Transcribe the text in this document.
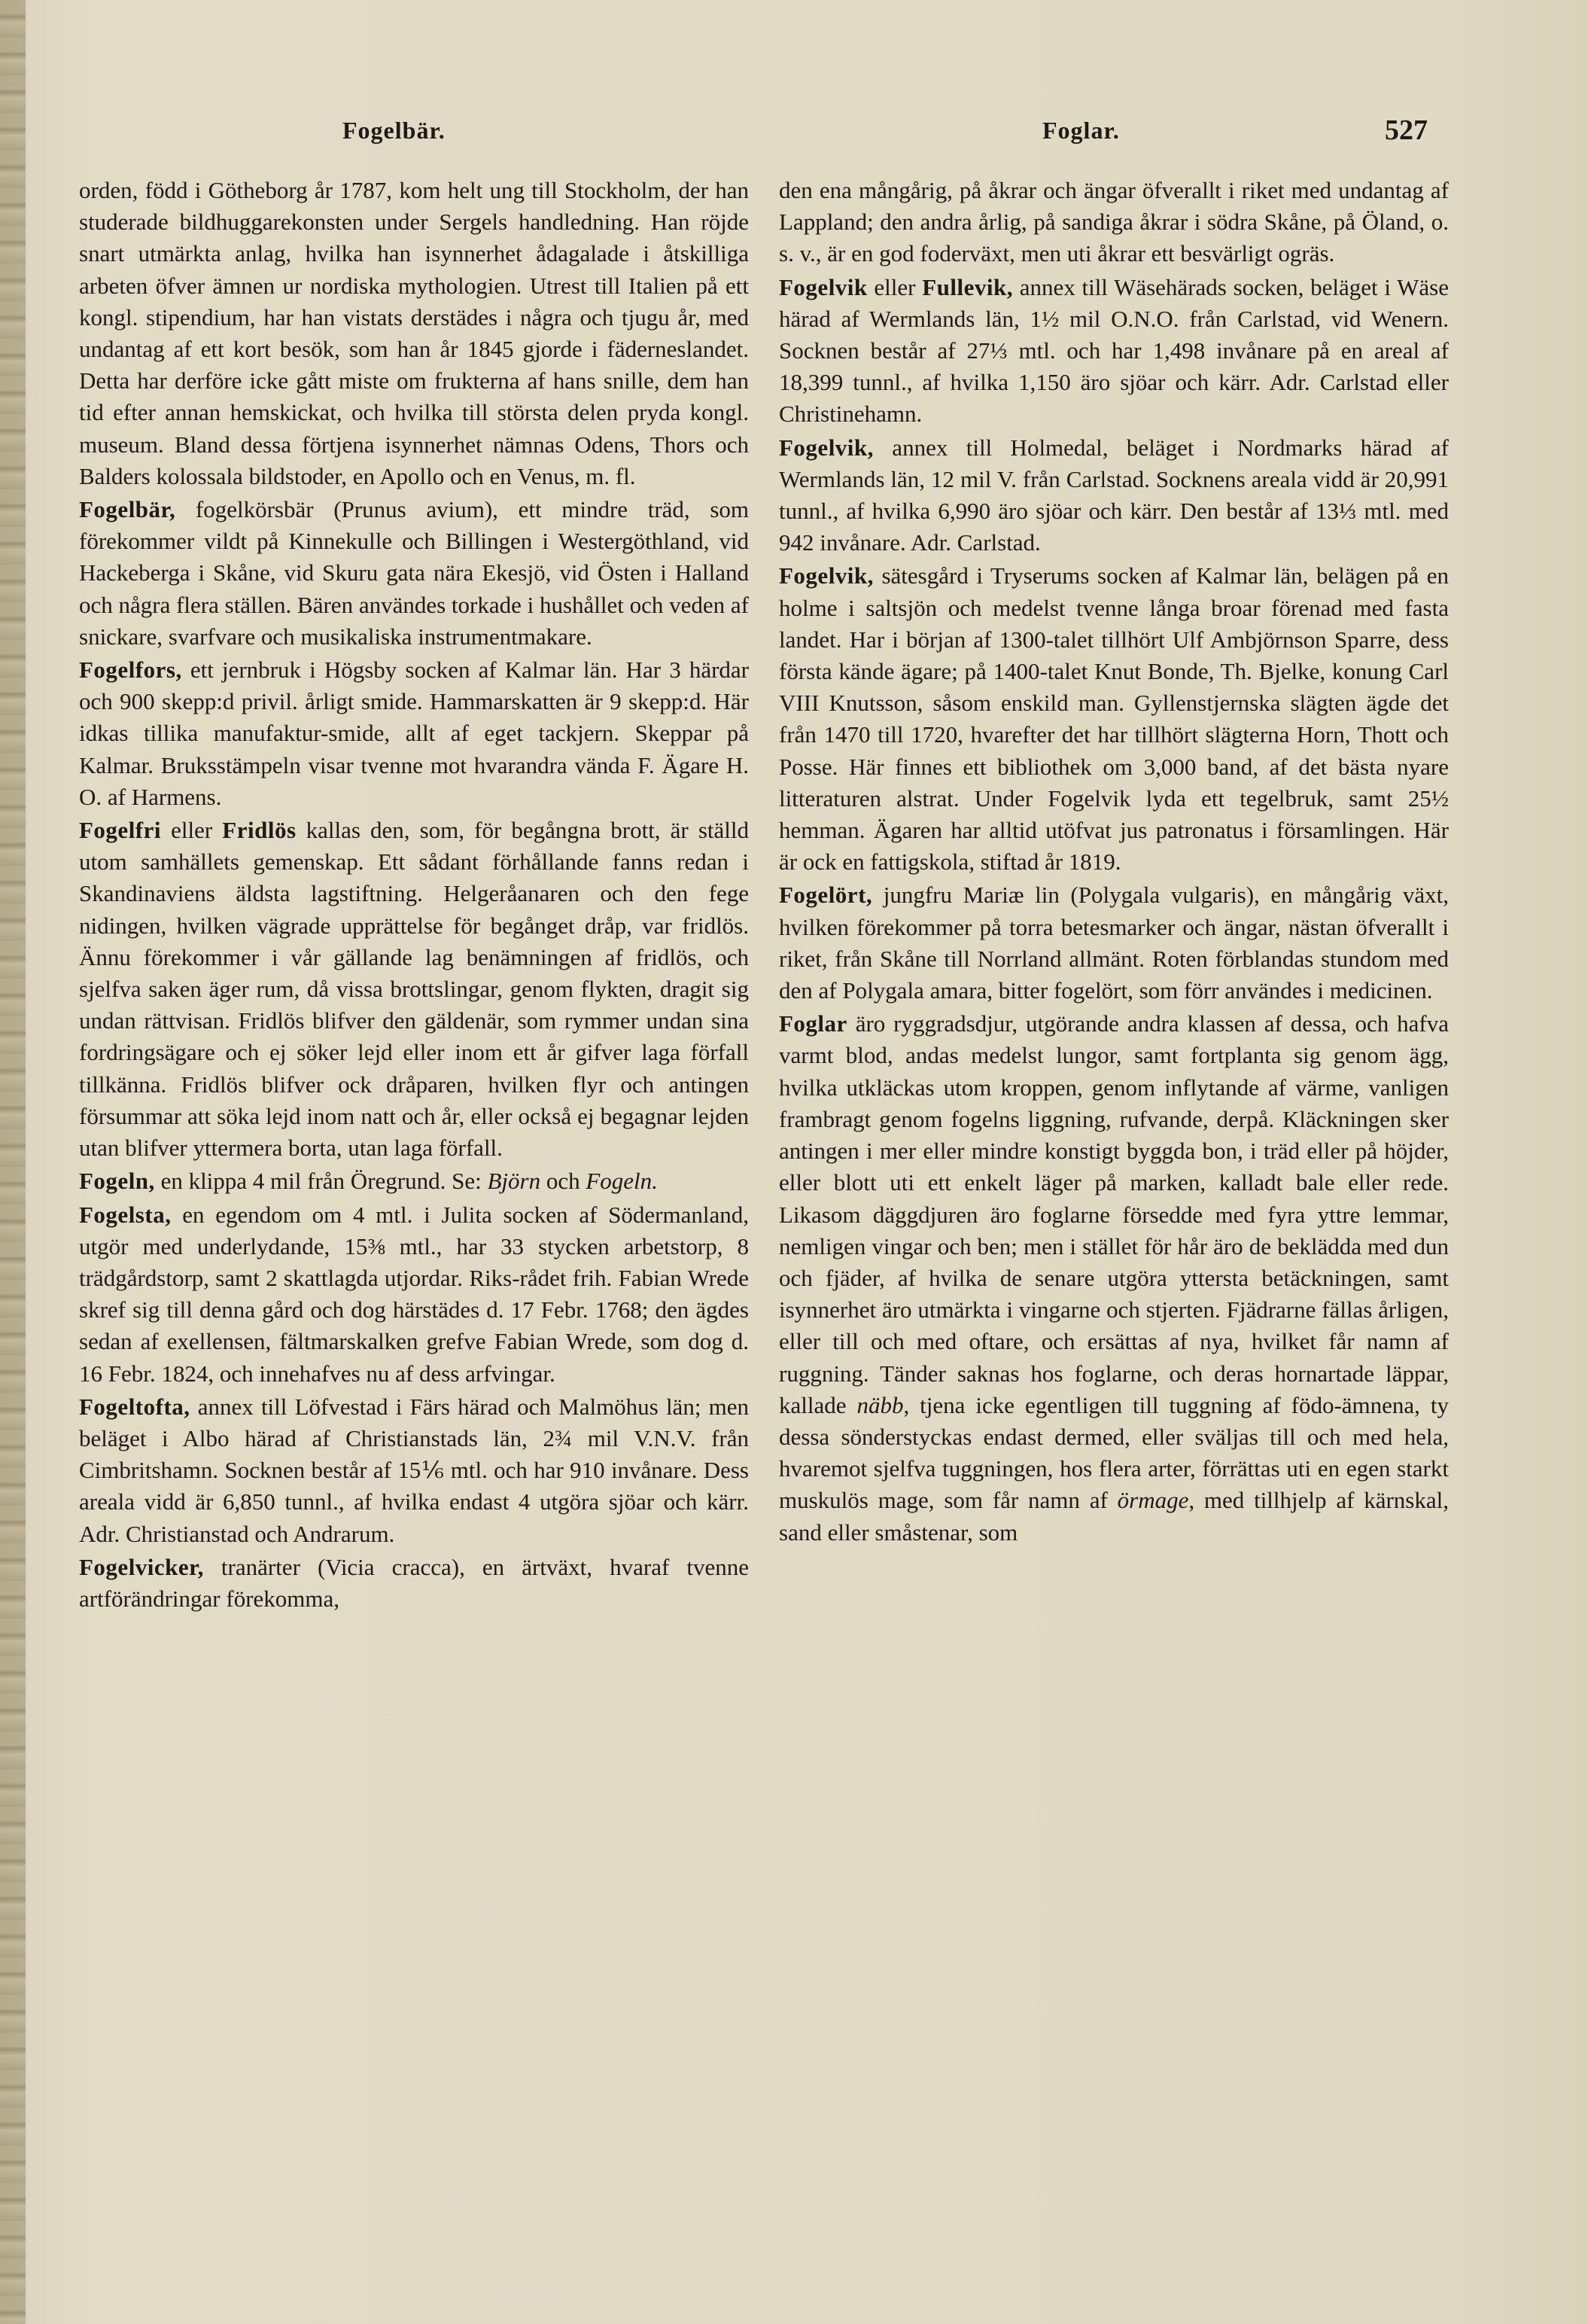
Fogelbär.	Foglar.	527

orden, född i Götheborg år 1787, kom helt ung till Stockholm, der han studerade bildhuggarekonsten under Sergels handledning. Han röjde snart utmärkta anlag, hvilka han isynnerhet ådagalade i åtskilliga arbeten öfver ämnen ur nordiska mythologien. Utrest till Italien på ett kongl. stipendium, har han vistats derstädes i några och tjugu år, med undantag af ett kort besök, som han år 1845 gjorde i fäderneslandet. Detta har derföre icke gått miste om frukterna af hans snille, dem han tid efter annan hemskickat, och hvilka till största delen pryda kongl. museum. Bland dessa förtjena isynnerhet nämnas Odens, Thors och Balders kolossala bildstoder, en Apollo och en Venus, m. fl.

Fogelbär, fogelkörsbär (Prunus avium), ett mindre träd, som förekommer vildt på Kinnekulle och Billingen i Westergöthland, vid Hackeberga i Skåne, vid Skuru gata nära Ekesjö, vid Östen i Halland och några flera ställen. Bären användes torkade i hushållet och veden af snickare, svarfvare och musikaliska instrumentmakare.

Fogelfors, ett jernbruk i Högsby socken af Kalmar län. Har 3 härdar och 900 skepp:d privil. årligt smide. Hammarskatten är 9 skepp:d. Här idkas tillika manufaktur-smide, allt af eget tackjern. Skeppar på Kalmar. Bruksstämpeln visar tvenne mot hvarandra vända F. Ägare H. O. af Harmens.

Fogelfri eller Fridlös kallas den, som, för begångna brott, är ställd utom samhällets gemenskap. Ett sådant förhållande fanns redan i Skandinaviens äldsta lagstiftning. Helgeråanaren och den fege nidingen, hvilken vägrade upprättelse för begånget dråp, var fridlös. Ännu förekommer i vår gällande lag benämningen af fridlös, och sjelfva saken äger rum, då vissa brottslingar, genom flykten, dragit sig undan rättvisan. Fridlös blifver den gäldenär, som rymmer undan sina fordringsägare och ej söker lejd eller inom ett år gifver laga förfall tillkänna. Fridlös blifver ock dråparen, hvilken flyr och antingen försummar att söka lejd inom natt och år, eller också ej begagnar lejden utan blifver yttermera borta, utan laga förfall.

Fogeln, en klippa 4 mil från Öregrund. Se: Björn och Fogeln.

Fogelsta, en egendom om 4 mtl. i Julita socken af Södermanland, utgör med underlydande, 15⅜ mtl., har 33 stycken arbetstorp, 8 trädgårdstorp, samt 2 skattlagda utjordar. Riks-rådet frih. Fabian Wrede skref sig till denna gård och dog härstädes d. 17 Febr. 1768; den ägdes sedan af exellensen, fältmarskalken grefve Fabian Wrede, som dog d. 16 Febr. 1824, och innehafves nu af dess arfvingar.

Fogeltofta, annex till Löfvestad i Färs härad och Malmöhus län; men beläget i Albo härad af Christianstads län, 2¾ mil V.N.V. från Cimbritshamn. Socknen består af 15⅙ mtl. och har 910 invånare. Dess areala vidd är 6,850 tunnl., af hvilka endast 4 utgöra sjöar och kärr. Adr. Christianstad och Andrarum.

Fogelvicker, tranärter (Vicia cracca), en ärtväxt, hvaraf tvenne artförändringar förekomma,

den ena mångårig, på åkrar och ängar öfverallt i riket med undantag af Lappland; den andra årlig, på sandiga åkrar i södra Skåne, på Öland, o. s. v., är en god foderväxt, men uti åkrar ett besvärligt ogräs.

Fogelvik eller Fullevik, annex till Wäsehärads socken, beläget i Wäse härad af Wermlands län, 1½ mil O.N.O. från Carlstad, vid Wenern. Socknen består af 27⅓ mtl. och har 1,498 invånare på en areal af 18,399 tunnl., af hvilka 1,150 äro sjöar och kärr. Adr. Carlstad eller Christinehamn.

Fogelvik, annex till Holmedal, beläget i Nordmarks härad af Wermlands län, 12 mil V. från Carlstad. Socknens areala vidd är 20,991 tunnl., af hvilka 6,990 äro sjöar och kärr. Den består af 13⅓ mtl. med 942 invånare. Adr. Carlstad.

Fogelvik, sätesgård i Tryserums socken af Kalmar län, belägen på en holme i saltsjön och medelst tvenne långa broar förenad med fasta landet. Har i början af 1300-talet tillhört Ulf Ambjörnson Sparre, dess första kände ägare; på 1400-talet Knut Bonde, Th. Bjelke, konung Carl VIII Knutsson, såsom enskild man. Gyllenstjernska slägten ägde det från 1470 till 1720, hvarefter det har tillhört slägterna Horn, Thott och Posse. Här finnes ett bibliothek om 3,000 band, af det bästa nyare litteraturen alstrat. Under Fogelvik lyda ett tegelbruk, samt 25½ hemman. Ägaren har alltid utöfvat jus patronatus i församlingen. Här är ock en fattigskola, stiftad år 1819.

Fogelört, jungfru Mariæ lin (Polygala vulgaris), en mångårig växt, hvilken förekommer på torra betesmarker och ängar, nästan öfverallt i riket, från Skåne till Norrland allmänt. Roten förblandas stundom med den af Polygala amara, bitter fogelört, som förr användes i medicinen.

Foglar äro ryggradsdjur, utgörande andra klassen af dessa, och hafva varmt blod, andas medelst lungor, samt fortplanta sig genom ägg, hvilka utkläckas utom kroppen, genom inflytande af värme, vanligen frambragt genom fogelns liggning, rufvande, derpå. Kläckningen sker antingen i mer eller mindre konstigt byggda bon, i träd eller på höjder, eller blott uti ett enkelt läger på marken, kalladt bale eller rede. Likasom däggdjuren äro foglarne försedde med fyra yttre lemmar, nemligen vingar och ben; men i stället för hår äro de beklädda med dun och fjäder, af hvilka de senare utgöra yttersta betäckningen, samt isynnerhet äro utmärkta i vingarne och stjerten. Fjädrarne fällas årligen, eller till och med oftare, och ersättas af nya, hvilket får namn af ruggning. Tänder saknas hos foglarne, och deras hornartade läppar, kallade näbb, tjena icke egentligen till tuggning af födo-ämnena, ty dessa sönderstyckas endast dermed, eller sväljas till och med hela, hvaremot sjelfva tuggningen, hos flera arter, förrättas uti en egen starkt muskulös mage, som får namn af örmage, med tillhjelp af kärnskal, sand eller småstenar, som
